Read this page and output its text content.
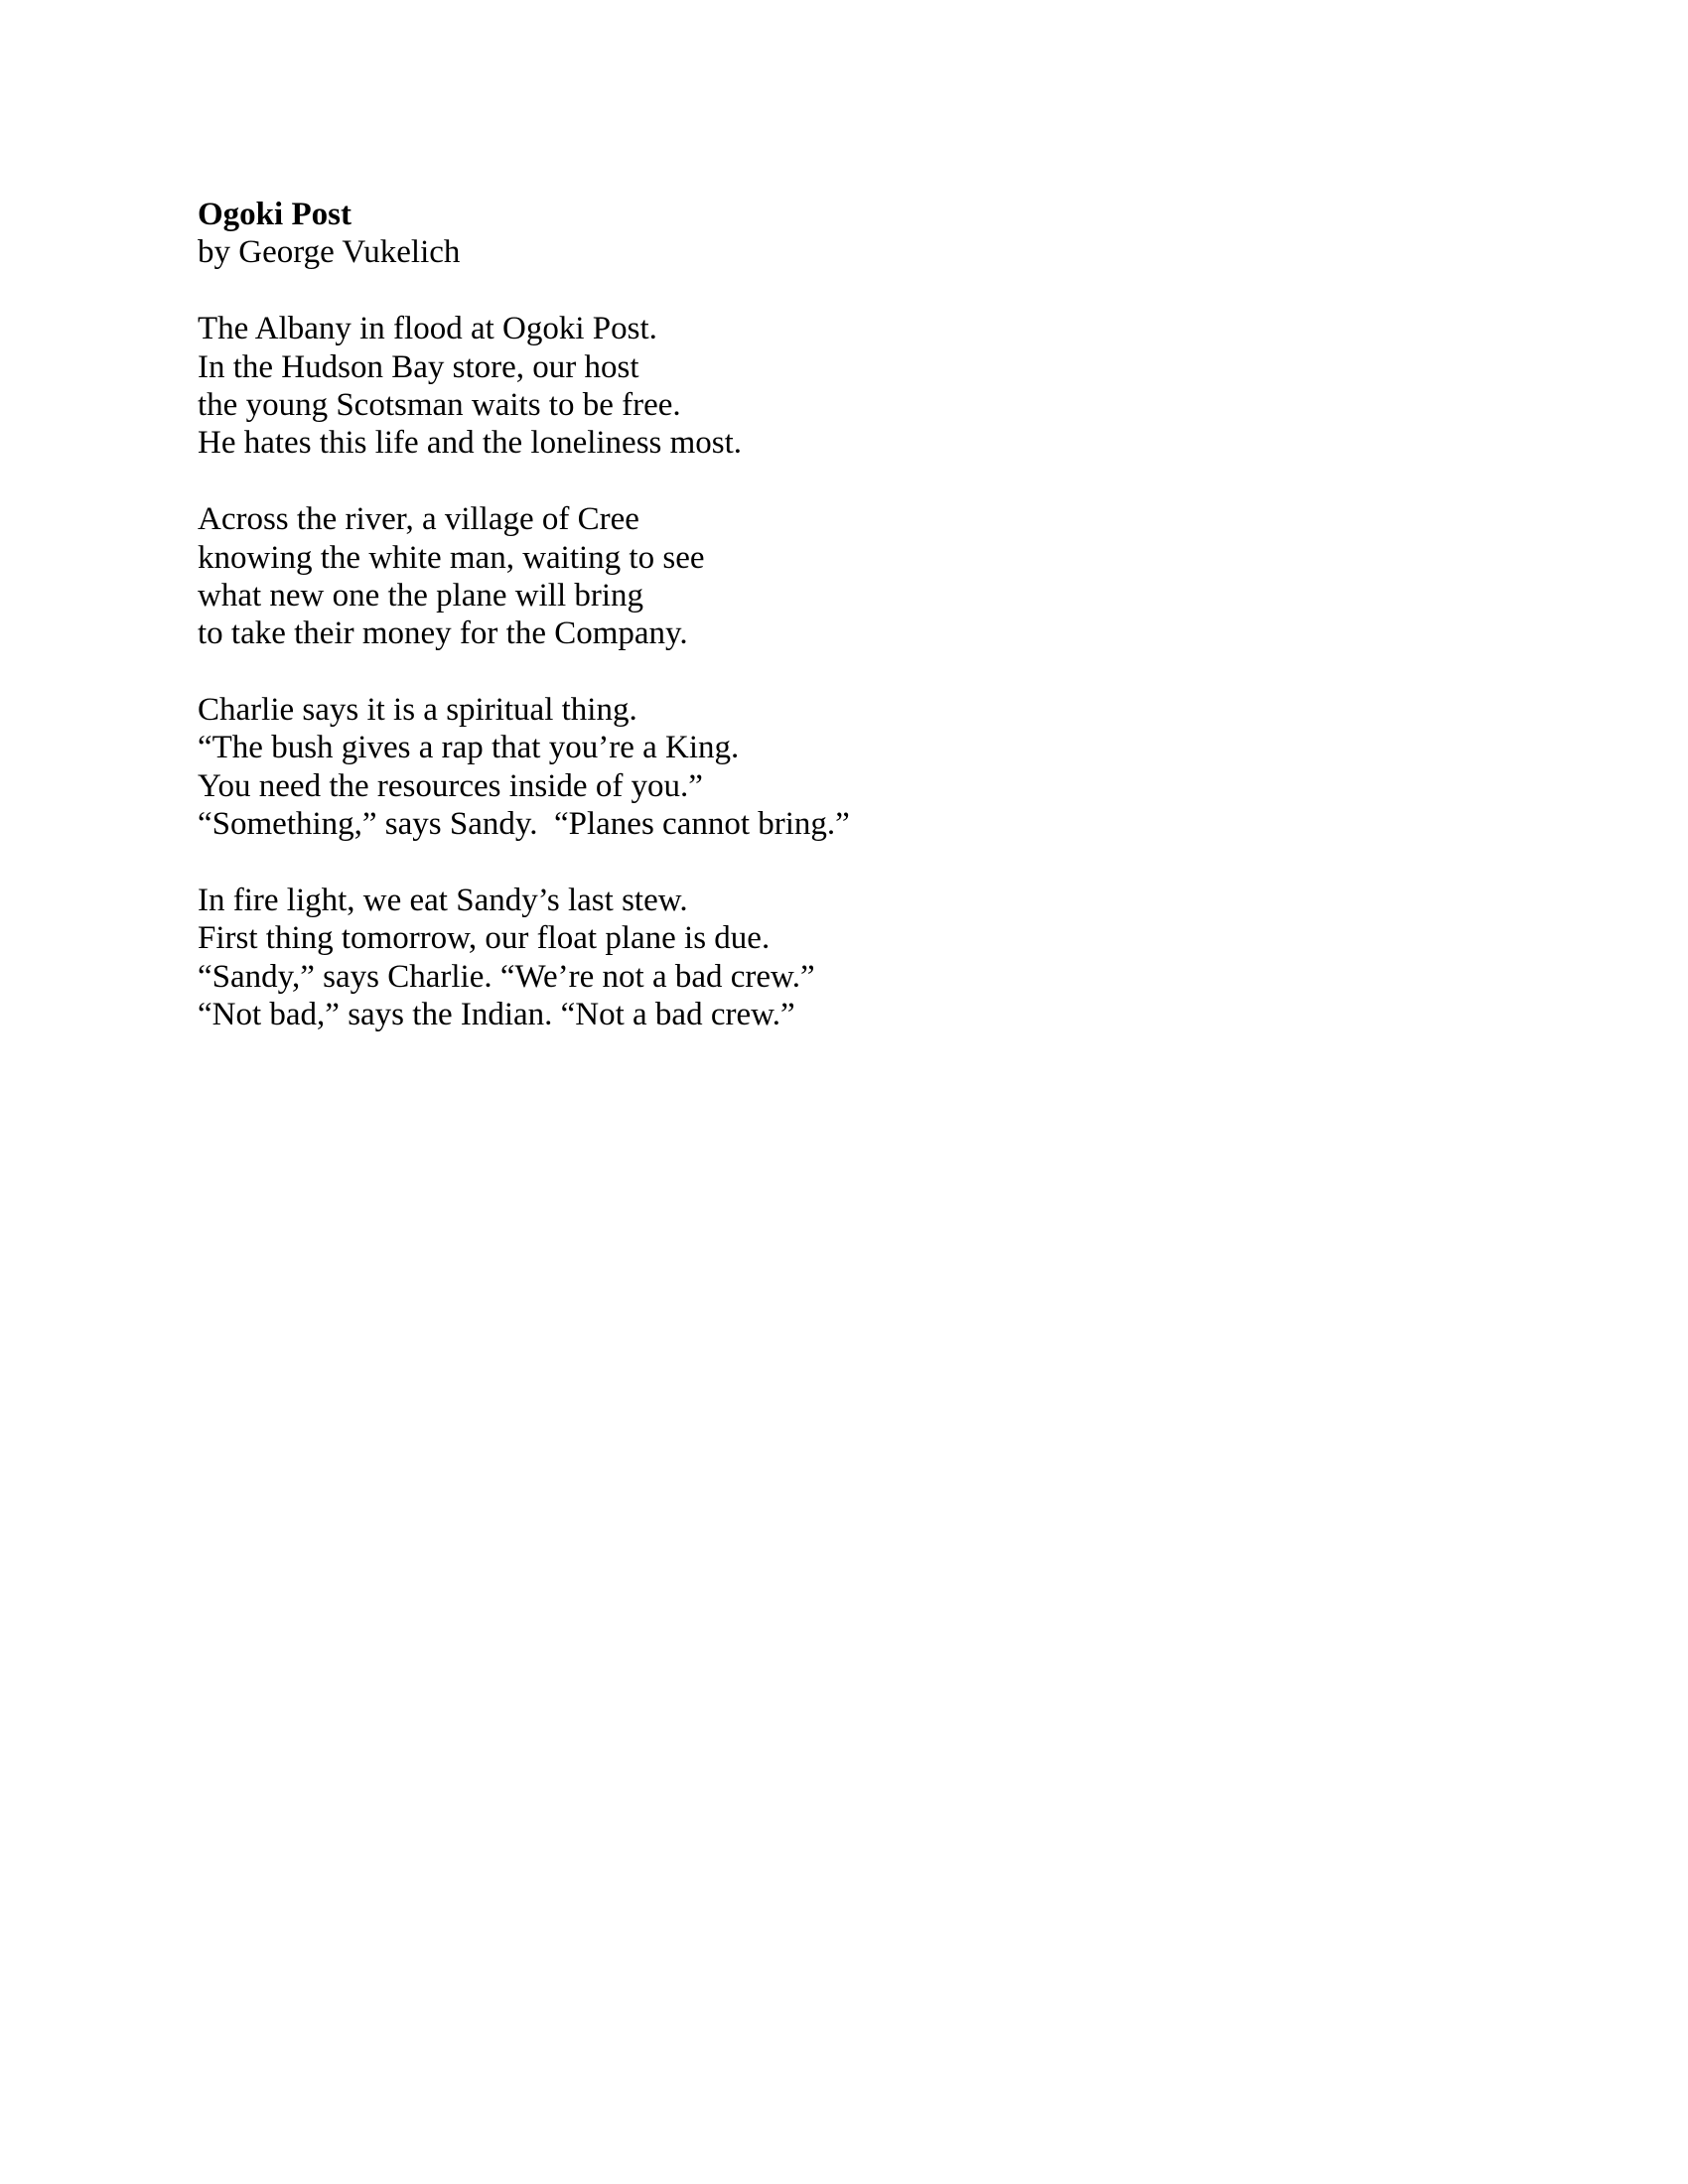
Ogoki Post
by George Vukelich
The Albany in flood at Ogoki Post.
In the Hudson Bay store, our host
the young Scotsman waits to be free.
He hates this life and the loneliness most.
Across the river, a village of Cree
knowing the white man, waiting to see
what new one the plane will bring
to take their money for the Company.
Charlie says it is a spiritual thing.
“The bush gives a rap that you’re a King.
You need the resources inside of you.”
“Something,” says Sandy.  “Planes cannot bring.”
In fire light, we eat Sandy’s last stew.
First thing tomorrow, our float plane is due.
“Sandy,” says Charlie. “We’re not a bad crew.”
“Not bad,” says the Indian. “Not a bad crew.”
